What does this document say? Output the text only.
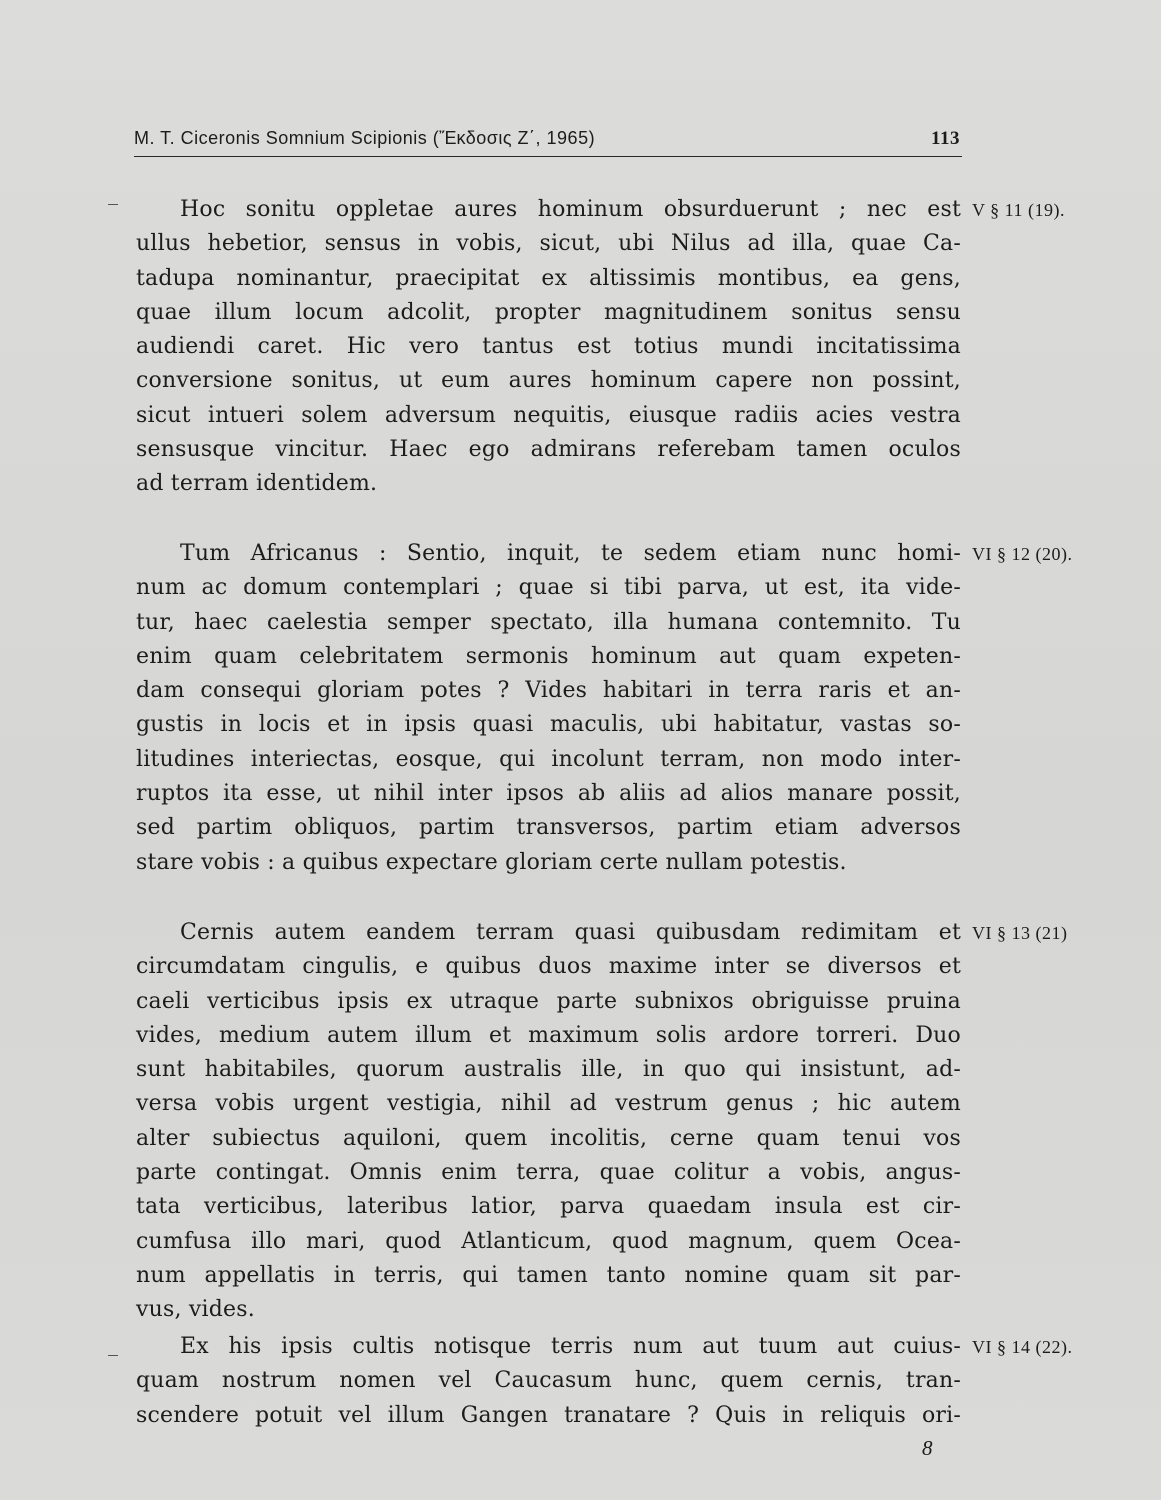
M. T. Ciceronis Somnium Scipionis (Ἔκδοσις Ζ΄, 1965)	113
Hoc sonitu oppletae aures hominum obsurduerunt ; nec est
ullus hebetior, sensus in vobis, sicut, ubi Nilus ad illa, quae Ca-
tadupa nominantur, praecipitat ex altissimis montibus, ea gens,
quae illum locum adcolit, propter magnitudinem sonitus sensu
audiendi caret. Hic vero tantus est totius mundi incitatissima
conversione sonitus, ut eum aures hominum capere non possint,
sicut intueri solem adversum nequitis, eiusque radiis acies vestra
sensusque vincitur. Haec ego admirans referebam tamen oculos
ad terram identidem.
V § 11 (19).
Tum Africanus : Sentio, inquit, te sedem etiam nunc homi-
num ac domum contemplari ; quae si tibi parva, ut est, ita vide-
tur, haec caelestia semper spectato, illa humana contemnito. Tu
enim quam celebritatem sermonis hominum aut quam expeten-
dam consequi gloriam potes ? Vides habitari in terra raris et an-
gustis in locis et in ipsis quasi maculis, ubi habitatur, vastas so-
litudines interiectas, eosque, qui incolunt terram, non modo inter-
ruptos ita esse, ut nihil inter ipsos ab aliis ad alios manare possit,
sed partim obliquos, partim transversos, partim etiam adversos
stare vobis : a quibus expectare gloriam certe nullam potestis.
VI § 12 (20).
Cernis autem eandem terram quasi quibusdam redimitam et
circumdatam cingulis, e quibus duos maxime inter se diversos et
caeli verticibus ipsis ex utraque parte subnixos obriguisse pruina
vides, medium autem illum et maximum solis ardore torreri. Duo
sunt habitabiles, quorum australis ille, in quo qui insistunt, ad-
versa vobis urgent vestigia, nihil ad vestrum genus ; hic autem
alter subiectus aquiloni, quem incolitis, cerne quam tenui vos
parte contingat. Omnis enim terra, quae colitur a vobis, angus-
tata verticibus, lateribus latior, parva quaedam insula est cir-
cumfusa illo mari, quod Atlanticum, quod magnum, quem Ocea-
num appellatis in terris, qui tamen tanto nomine quam sit par-
vus, vides.
VI § 13 (21)
Ex his ipsis cultis notisque terris num aut tuum aut cuius-
quam nostrum nomen vel Caucasum hunc, quem cernis, tran-
scendere potuit vel illum Gangen tranatare ? Quis in reliquis ori-
VI § 14 (22).
8
